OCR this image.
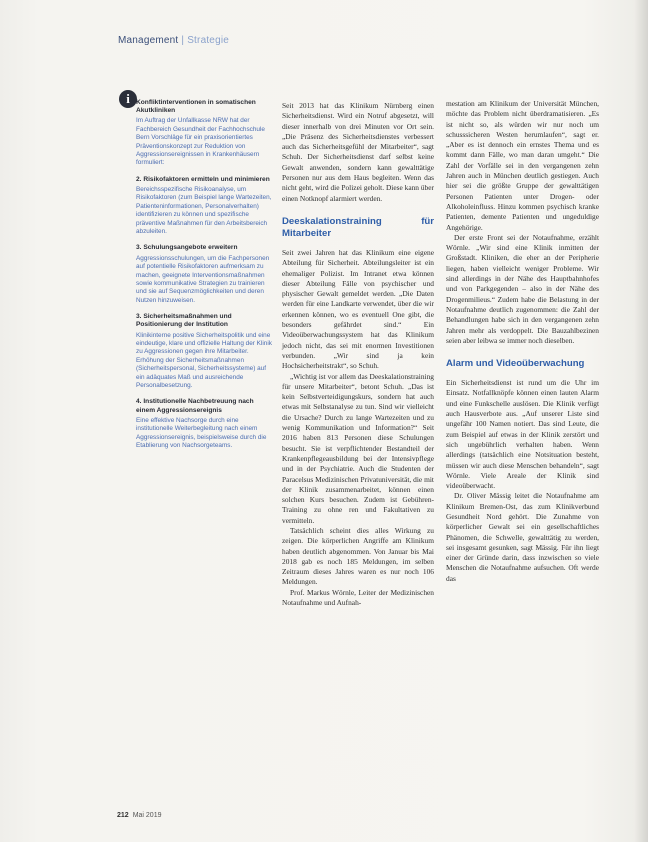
Management | Strategie
i Konfliktinterventionen in somatischen Akutkliniken
Im Auftrag der Unfallkasse NRW hat der Fachbereich Gesundheit der Fachhochschule Bern Vorschläge für ein praxisorientiertes Präventionskonzept zur Reduktion von Aggressionsereignissen in Krankenhäusern formuliert:
2. Risikofaktoren ermitteln und minimieren
Bereichsspezifische Risikoanalyse, um Risikofaktoren (zum Beispiel lange Wartezeiten, Patienteninformationen, Personalverhalten) identifizieren zu können und spezifische präventive Maßnahmen für den Arbeitsbereich abzuleiten.
3. Schulungsangebote erweitern
Aggressionsschulungen, um die Fachpersonen auf potentielle Risikofaktoren aufmerksam zu machen, geeignete Interventionsmaßnahmen sowie kommunikative Strategien zu trainieren und sie auf Sequenzmöglichkeiten und deren Nutzen hinzuweisen.
3. Sicherheitsmaßnahmen und Positionierung der Institution
Klinikinterne positive Sicherheitspolitik und eine eindeutige, klare und offizielle Haltung der Klinik zu Aggressionen gegen ihre Mitarbeiter. Erhöhung der Sicherheitsmaßnahmen (Sicherheitspersonal, Sicherheitssysteme) auf ein adäquates Maß und ausreichende Personalbesetzung.
4. Institutionelle Nachbetreuung nach einem Aggressionsereignis
Eine effektive Nachsorge durch eine institutionelle Weiterbegleitung nach einem Aggressionsereignis, beispielsweise durch die Etablierung von Nachsorgeteams.

Seit 2013 hat das Klinikum Nürnberg einen Sicherheitsdienst. Wird ein Notruf abgesetzt, will dieser innerhalb von drei Minuten vor Ort sein. „Die Präsenz des Sicherheitsdienstes verbessert auch das Sicherheitsgefühl der Mitarbeiter“, sagt Schuh. Der Sicherheitsdienst darf selbst keine Gewalt anwenden, sondern kann gewalttätige Personen nur aus dem Haus begleiten. Wenn das nicht geht, wird die Polizei geholt. Diese kann über einen Notknopf alarmiert werden.

Deeskalationstraining für Mitarbeiter

Seit zwei Jahren hat das Klinikum eine eigene Abteilung für Sicherheit. Abteilungsleiter ist ein ehemaliger Polizist. Im Intranet etwa können dieser Abteilung Fälle von psychischer und physischer Gewalt gemeldet werden. „Die Daten werden für eine Landkarte verwendet, über die wir erkennen können, wo es eventuell One gibt, die besonders gefährdet sind.“ Ein Videoüberwachungssystem hat das Klinikum jedoch nicht, das sei mit enormen Investitionen verbunden. „Wir sind ja kein Hochsicherheitstrakt“, so Schuh.

„Wichtig ist vor allem das Deeskalationstraining für unsere Mitarbeiter“, betont Schuh. „Das ist kein Selbstverteidigungskurs, sondern hat auch etwas mit Selbstanalyse zu tun. Sind wir vielleicht die Ursache? Durch zu lange Wartezeiten und zu wenig Kommunikation und Information?“ Seit 2016 haben 813 Personen diese Schulungen besucht. Sie ist verpflichtender Bestandteil der Krankenpflegeausbildung bei der Intensivpflege und in der Psychiatrie. Auch die Studenten der Paracelsus Medizinischen Privatuniversität, die mit der Klinik zusammenarbeitet, können einen solchen Kurs besuchen. Zudem ist Gebühren-Training zu ohne ren und Fakultativen zu vermitteln.

Tatsächlich scheint dies alles Wirkung zu zeigen. Die körperlichen Angriffe am Klinikum haben deutlich abgenommen. Von Januar bis Mai 2018 gab es noch 185 Meldungen, im selben Zeitraum dieses Jahres waren es nur noch 106 Meldungen.

Prof. Markus Wörnle, Leiter der Medizinischen Notaufnahme und Aufnah-

mestation am Klinikum der Universität München, möchte das Problem nicht überdramatisieren. „Es ist nicht so, als würden wir nur noch um schusssicheren Westen herumlaufen“, sagt er. „Aber es ist dennoch ein ernstes Thema und es kommt dann Fälle, wo man daran umgeht.“ Die Zahl der Vorfälle sei in den vergangenen zehn Jahren auch in München deutlich gestiegen. Auch hier sei die größte Gruppe der gewalttätigen Personen Patienten unter Drogen- oder Alkoholeinfluss. Hinzu kommen psychisch kranke Patienten, demente Patienten und ungeduldige Angehörige.

Der erste Front sei der Notaufnahme, erzählt Wörnle. „Wir sind eine Klinik inmitten der Großstadt. Kliniken, die eher an der Peripherie liegen, haben vielleicht weniger Probleme. Wir sind allerdings in der Nähe des Hauptbahnhofes und von Parkgegenden – also in der Nähe des Drogenmilieus.“ Zudem habe die Belastung in der Notaufnahme deutlich zugenommen: die Zahl der Behandlungen habe sich in den vergangenen zehn Jahren mehr als verdoppelt. Die Bauzahlbezinen seien aber leibwa se immer noch dieselben.

Alarm und Videoüberwachung

Ein Sicherheitsdienst ist rund um die Uhr im Einsatz. Notfallknöpfe können einen lauten Alarm und eine Funkschelle auslösen. Die Klinik verfügt auch Hausverbote aus. „Auf unserer Liste sind ungefähr 100 Namen notiert. Das sind Leute, die zum Beispiel auf etwas in der Klinik zerstört und sich ungebührlich verhalten haben. Wenn allerdings (tatsächlich eine Notsituation besteht, müssen wir auch diese Menschen behandeln“, sagt Wörnle. Viele Areale der Klinik sind videoüberwacht.

Dr. Oliver Mässig leitet die Notaufnahme am Klinikum Bremen-Ost, das zum Klinikverbund Gesundheit Nord gehört. Die Zunahme von körperlicher Gewalt sei ein gesellschaftliches Phänomen, die Schwelle, gewalttätig zu werden, sei insgesamt gesunken, sagt Mässig. Für ihn liegt einer der Gründe darin, dass inzwischen so viele Menschen die Notaufnahme aufsuchen. Oft werde das

212 Mai 2019
